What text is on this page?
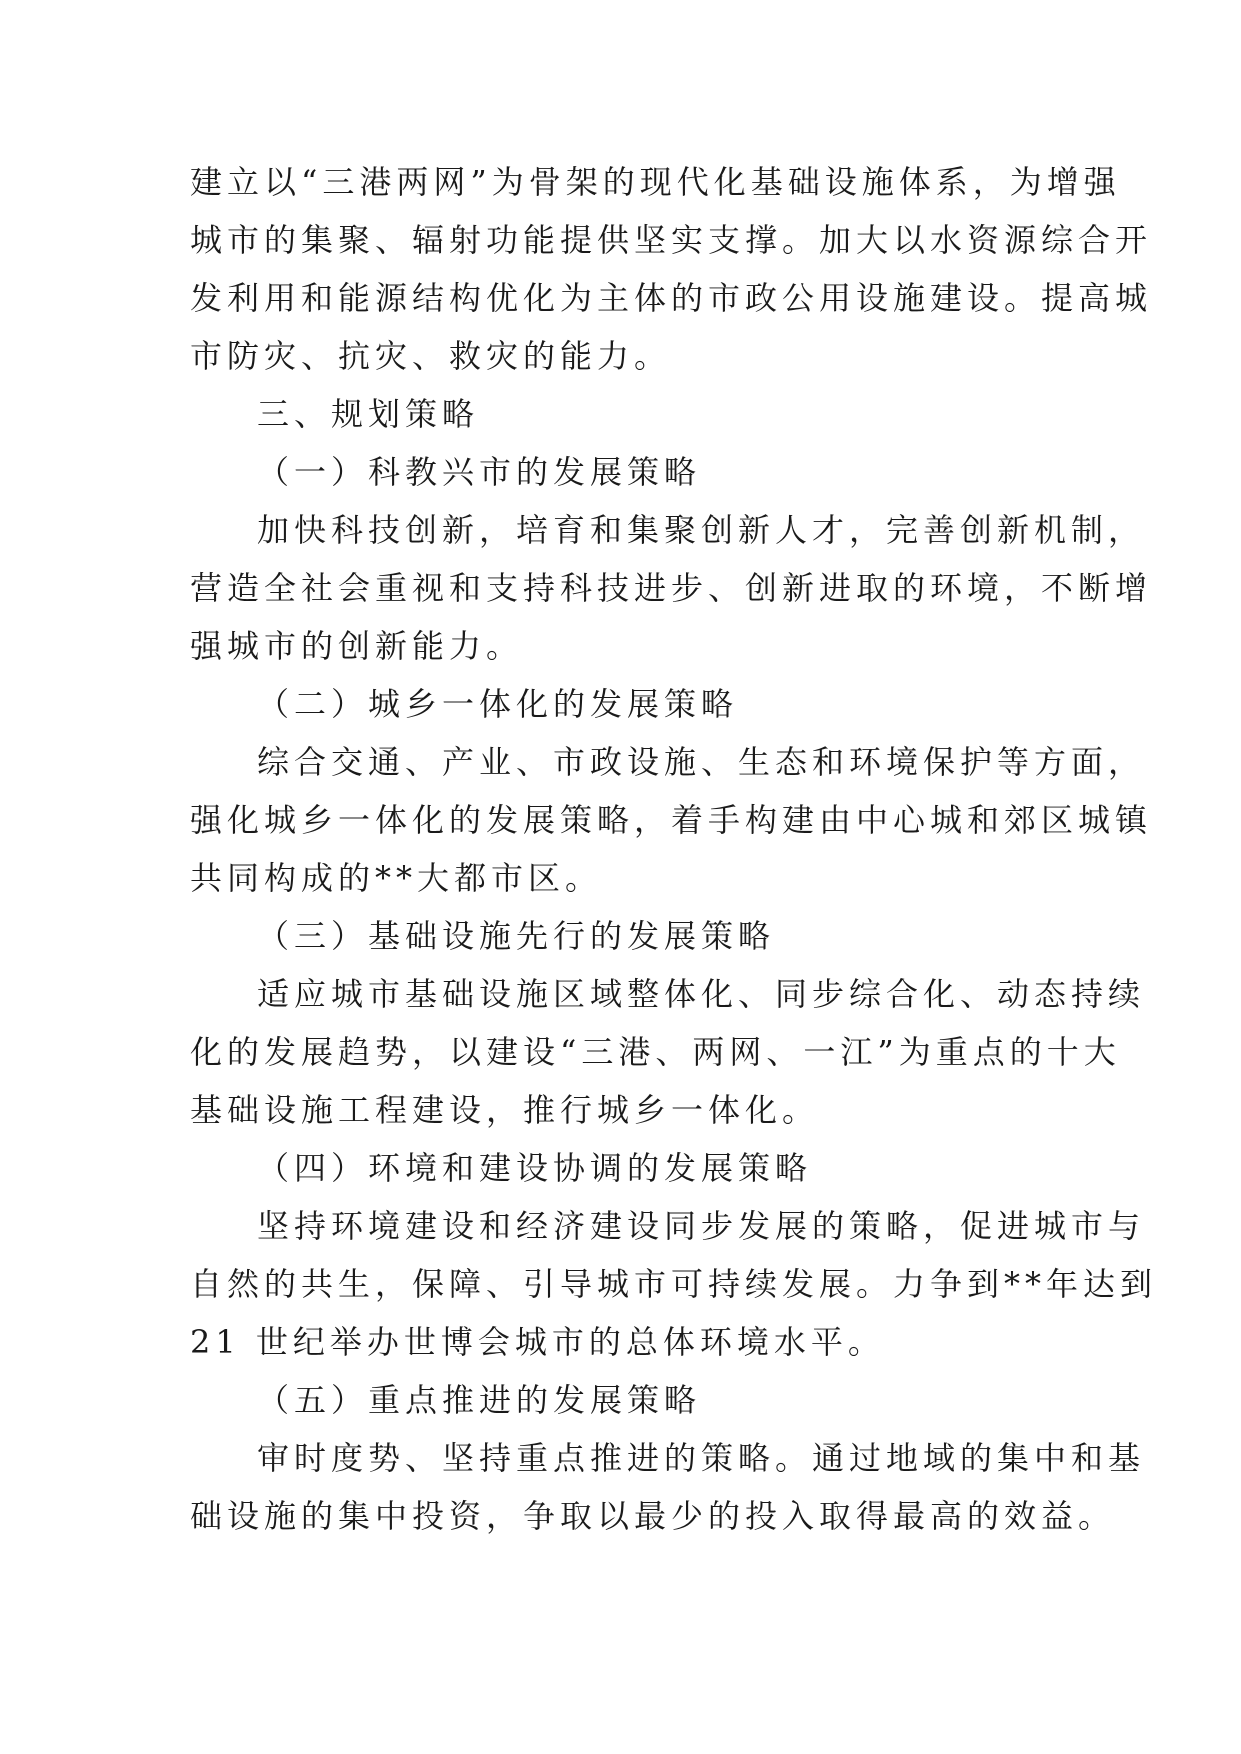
建立以“三港两网”为骨架的现代化基础设施体系，为增强
城市的集聚、辐射功能提供坚实支撑。加大以水资源综合开
发利用和能源结构优化为主体的市政公用设施建设。提高城
市防灾、抗灾、救灾的能力。
三、规划策略
（一）科教兴市的发展策略
加快科技创新，培育和集聚创新人才，完善创新机制，
营造全社会重视和支持科技进步、创新进取的环境，不断增
强城市的创新能力。
（二）城乡一体化的发展策略
综合交通、产业、市政设施、生态和环境保护等方面，
强化城乡一体化的发展策略，着手构建由中心城和郊区城镇
共同构成的**大都市区。
（三）基础设施先行的发展策略
适应城市基础设施区域整体化、同步综合化、动态持续
化的发展趋势，以建设“三港、两网、一江”为重点的十大
基础设施工程建设，推行城乡一体化。
（四）环境和建设协调的发展策略
坚持环境建设和经济建设同步发展的策略，促进城市与
自然的共生，保障、引导城市可持续发展。力争到**年达到
21 世纪举办世博会城市的总体环境水平。
（五）重点推进的发展策略
审时度势、坚持重点推进的策略。通过地域的集中和基
础设施的集中投资，争取以最少的投入取得最高的效益。
